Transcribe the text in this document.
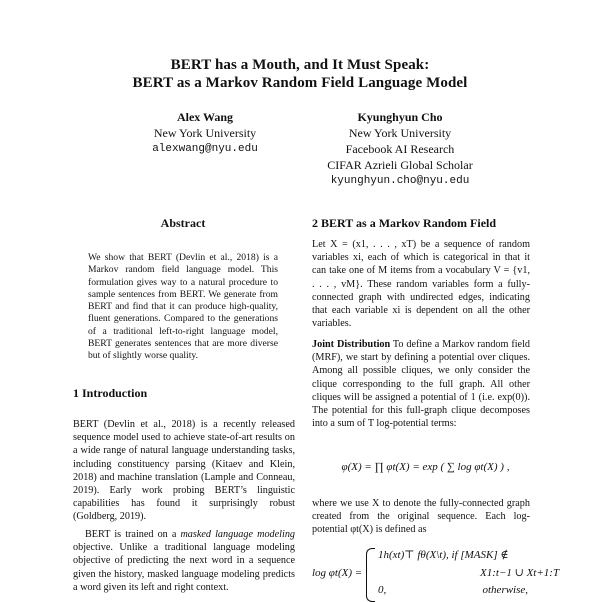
BERT has a Mouth, and It Must Speak:
BERT as a Markov Random Field Language Model
Alex Wang
New York University
alexwang@nyu.edu
Kyunghyun Cho
New York University
Facebook AI Research
CIFAR Azrieli Global Scholar
kyunghyun.cho@nyu.edu
Abstract
We show that BERT (Devlin et al., 2018) is a Markov random field language model. This formulation gives way to a natural procedure to sample sentences from BERT. We generate from BERT and find that it can produce high-quality, fluent generations. Compared to the generations of a traditional left-to-right language model, BERT generates sentences that are more diverse but of slightly worse quality.
1 Introduction
BERT (Devlin et al., 2018) is a recently released sequence model used to achieve state-of-art results on a wide range of natural language understanding tasks, including constituency parsing (Kitaev and Klein, 2018) and machine translation (Lample and Conneau, 2019). Early work probing BERT’s linguistic capabilities has found it surprisingly robust (Goldberg, 2019).
BERT is trained on a masked language modeling objective. Unlike a traditional language modeling objective of predicting the next word in a sequence given the history, masked language modeling predicts a word given its left and right context.
2 BERT as a Markov Random Field
Let X = (x1, . . . , xT) be a sequence of random variables xi, each of which is categorical in that it can take one of M items from a vocabulary V = {v1, . . . , vM}. These random variables form a fully-connected graph with undirected edges, indicating that each variable xi is dependent on all the other variables.
Joint Distribution To define a Markov random field (MRF), we start by defining a potential over cliques. Among all possible cliques, we only consider the clique corresponding to the full graph. All other cliques will be assigned a potential of 1 (i.e. exp(0)). The potential for this full-graph clique decomposes into a sum of T log-potential terms:
φ(X) = ∏ φt(X) = exp ( ∑ log φt(X) ) ,
where we use X to denote the fully-connected graph created from the original sequence. Each log-potential φt(X) is defined as
log φt(X) =
1h(xt)⊤ fθ(X\t), if [MASK] ∉
X1:t−1 ∪ Xt+1:T
0,                                   otherwise,
